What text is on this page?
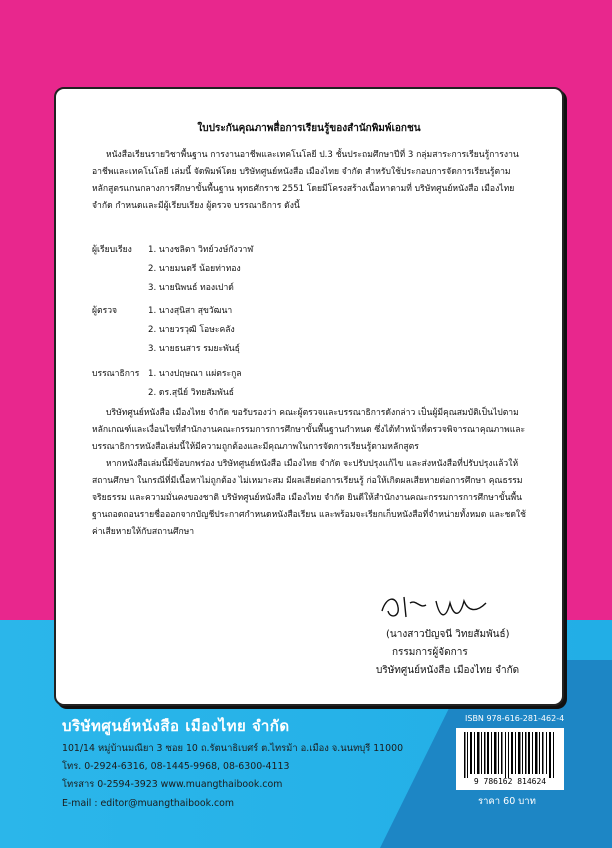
ใบประกันคุณภาพสื่อการเรียนรู้ของสำนักพิมพ์เอกชน
หนังสือเรียนรายวิชาพื้นฐาน การงานอาชีพและเทคโนโลยี ป.3 ชั้นประถมศึกษาปีที่ 3 กลุ่มสาระการเรียนรู้การงานอาชีพและเทคโนโลยี เล่มนี้ จัดพิมพ์โดย บริษัทศูนย์หนังสือ เมืองไทย จำกัด สำหรับใช้ประกอบการจัดการเรียนรู้ตามหลักสูตรแกนกลางการศึกษาขั้นพื้นฐาน พุทธศักราช 2551 โดยมีโครงสร้างเนื้อหาตามที่ บริษัทศูนย์หนังสือ เมืองไทย จำกัด กำหนดและมีผู้เรียบเรียง ผู้ตรวจ บรรณาธิการ ดังนี้
ผู้เรียบเรียง 1. นางชลิตา วิทย์วงษ์กังวาฬ
2. นายมนตรี น้อยท่าทอง
3. นายนิพนธ์ ทองเปาด์
ผู้ตรวจ	1. นางสุนิสา สุขวัฒนา
2. นายวรวุฒิ โอษะคลัง
3. นายธนสาร รมยะพันธุ์
บรรณาธิการ 1. นางปฤษณา แผ่ตระกูล
2. ดร.สุนีย์ วิทยสัมพันธ์
บริษัทศูนย์หนังสือ เมืองไทย จำกัด ขอรับรองว่า คณะผู้ตรวจและบรรณาธิการดังกล่าว เป็นผู้มีคุณสมบัติเป็นไปตามหลักเกณฑ์และเงื่อนไขที่สำนักงานคณะกรรมการการศึกษาขั้นพื้นฐานกำหนด ซึ่งได้ทำหน้าที่ตรวจพิจารณาคุณภาพและบรรณาธิการหนังสือเล่มนี้ให้มีความถูกต้องและมีคุณภาพในการจัดการเรียนรู้ตามหลักสูตร
หากหนังสือเล่มนี้มีข้อบกพร่อง บริษัทศูนย์หนังสือ เมืองไทย จำกัด จะปรับปรุงแก้ไข และส่งหนังสือที่ปรับปรุงแล้วให้สถานศึกษา ในกรณีที่มีเนื้อหาไม่ถูกต้อง ไม่เหมาะสม มีผลเสียต่อการเรียนรู้ ก่อให้เกิดผลเสียหายต่อการศึกษา คุณธรรม จริยธรรม และความมั่นคงของชาติ บริษัทศูนย์หนังสือ เมืองไทย จำกัด ยินดีให้สำนักงานคณะกรรมการการศึกษาขั้นพื้นฐานถอดถอนรายชื่อออกจากบัญชีประกาศกำหนดหนังสือเรียน และพร้อมจะเรียกเก็บหนังสือที่จำหน่ายทั้งหมด และชดใช้ค่าเสียหายให้กับสถานศึกษา
(นางสาวปัญจนี วิทยสัมพันธ์)
กรรมการผู้จัดการ
บริษัทศูนย์หนังสือ เมืองไทย จำกัด
บริษัทศูนย์หนังสือ เมืองไทย จำกัด
101/14 หมู่บ้านมณียา 3 ซอย 10 ถ.รัตนาธิเบศร์ ต.ไทรม้า อ.เมือง จ.นนทบุรี 11000
โทร. 0-2924-6316, 08-1445-9968, 08-6300-4113
โทรสาร 0-2594-3923 www.muangthaibook.com
E-mail : editor@muangthaibook.com
ISBN 978-616-281-462-4
9 786162 814624
ราคา 60 บาท
